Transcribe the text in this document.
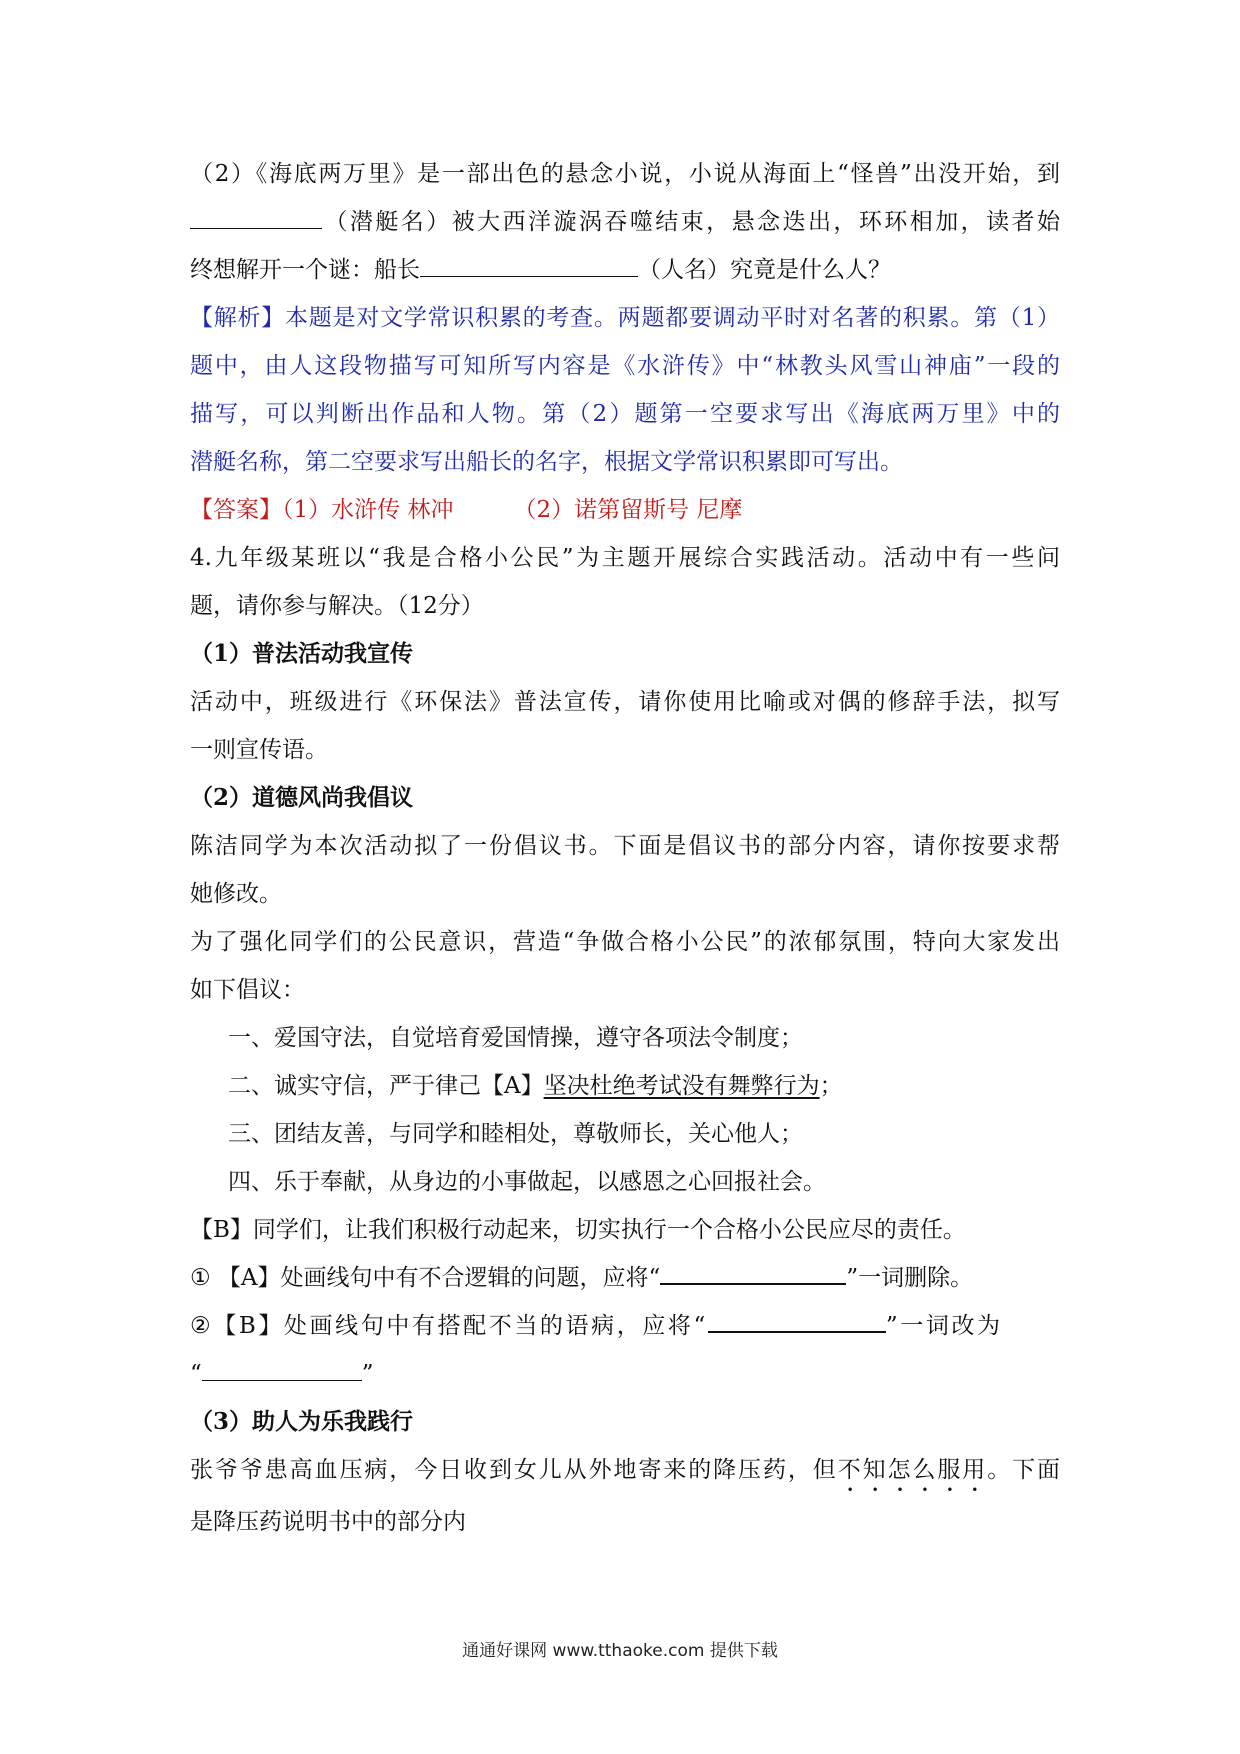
（2）《海底两万里》是一部出色的悬念小说，小说从海面上“怪兽”出没开始，到
（潜艇名）被大西洋漩涡吞噬结束，悬念迭出，环环相加，读者始
终想解开一个谜：船长	（人名）究竟是什么人？
【解析】本题是对文学常识积累的考查。两题都要调动平时对名著的积累。第（1）
题中，由人这段物描写可知所写内容是《水浒传》中“林教头风雪山神庙”一段的
描写，可以判断出作品和人物。第（2）题第一空要求写出《海底两万里》中的
潜艇名称，第二空要求写出船长的名字，根据文学常识积累即可写出。
【答案】（1）水浒传 林冲	（2）诺第留斯号 尼摩
4.九年级某班以“我是合格小公民”为主题开展综合实践活动。活动中有一些问
题，请你参与解决。（12分）
（1）普法活动我宣传
活动中，班级进行《环保法》普法宣传，请你使用比喻或对偶的修辞手法，拟写
一则宣传语。
（2）道德风尚我倡议
陈洁同学为本次活动拟了一份倡议书。下面是倡议书的部分内容，请你按要求帮
她修改。
为了强化同学们的公民意识，营造“争做合格小公民”的浓郁氛围，特向大家发出
如下倡议：
一、爱国守法，自觉培育爱国情操，遵守各项法令制度；
二、诚实守信，严于律己【A】坚决杜绝考试没有舞弊行为；
三、团结友善，与同学和睦相处，尊敬师长，关心他人；
四、乐于奉献，从身边的小事做起，以感恩之心回报社会。
【B】同学们，让我们积极行动起来，切实执行一个合格小公民应尽的责任。
① 【A】处画线句中有不合逻辑的问题，应将“	”一词删除。
②【B】处画线句中有搭配不当的语病，应将“	”一词改为
“	”
（3）助人为乐我践行
张爷爷患高血压病，今日收到女儿从外地寄来的降压药，但不知怎么服用。下面
是降压药说明书中的部分内
通通好课网 www.tthaoke.com 提供下载
